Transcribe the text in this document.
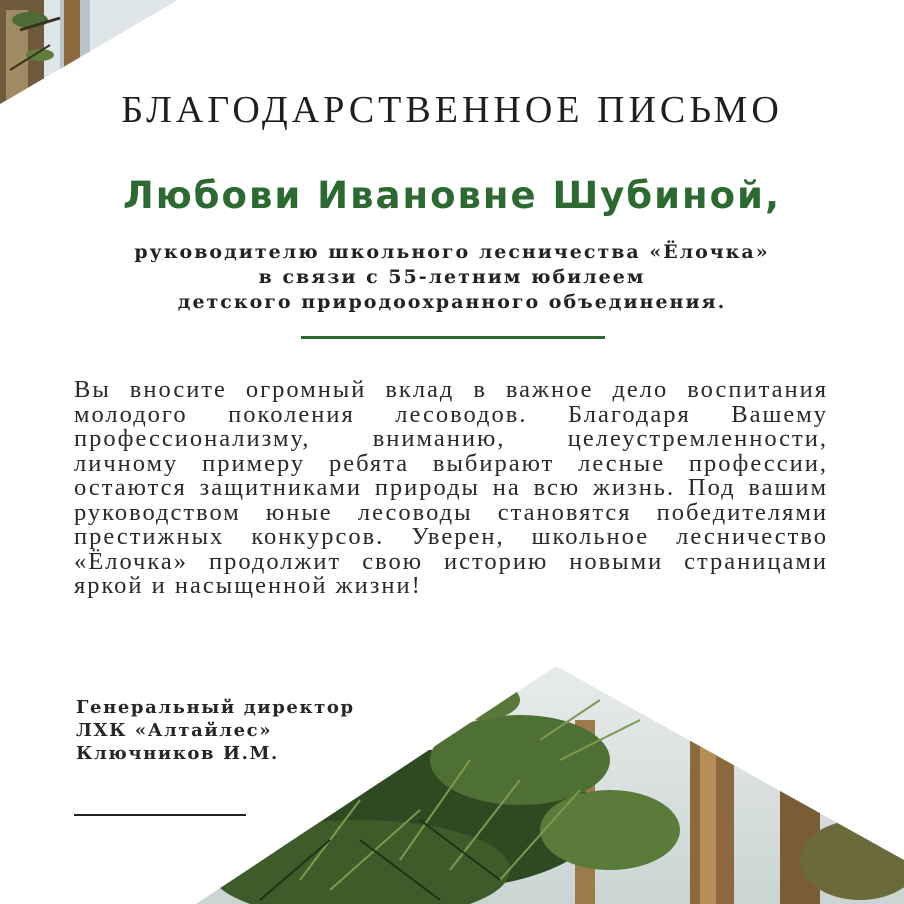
БЛАГОДАРСТВЕННОЕ ПИСЬМО
Любови Ивановне Шубиной,
руководителю школьного лесничества «Ёлочка»
в связи с 55-летним юбилеем
детского природоохранного объединения.

Вы вносите огромный вклад в важное дело воспитания молодого поколения лесоводов. Благодаря Вашему профессионализму, вниманию, целеустремленности, личному примеру ребята выбирают лесные профессии, остаются защитниками природы на всю жизнь. Под вашим руководством юные лесоводы становятся победителями престижных конкурсов. Уверен, школьное лесничество «Ёлочка» продолжит свою историю новыми страницами яркой и насыщенной жизни!

Генеральный директор
ЛХК «Алтайлес»
Ключников И.М.
